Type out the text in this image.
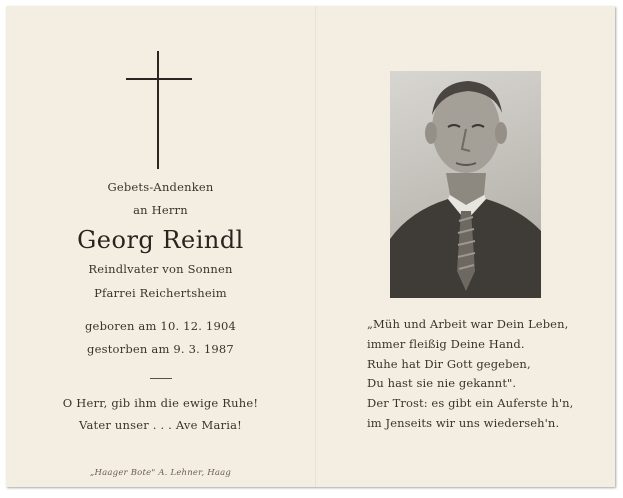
Gebets-Andenken
an Herrn
Georg Reindl
Reindlvater von Sonnen
Pfarrei Reichertsheim
geboren am 10. 12. 1904
gestorben am 9. 3. 1987
O Herr, gib ihm die ewige Ruhe!
Vater unser . . . Ave Maria!
„Haager Bote" A. Lehner, Haag
„Müh und Arbeit war Dein Leben,
immer fleißig Deine Hand.
Ruhe hat Dir Gott gegeben,
Du hast sie nie gekannt".
Der Trost: es gibt ein Auferste h'n,
im Jenseits wir uns wiederseh'n.
